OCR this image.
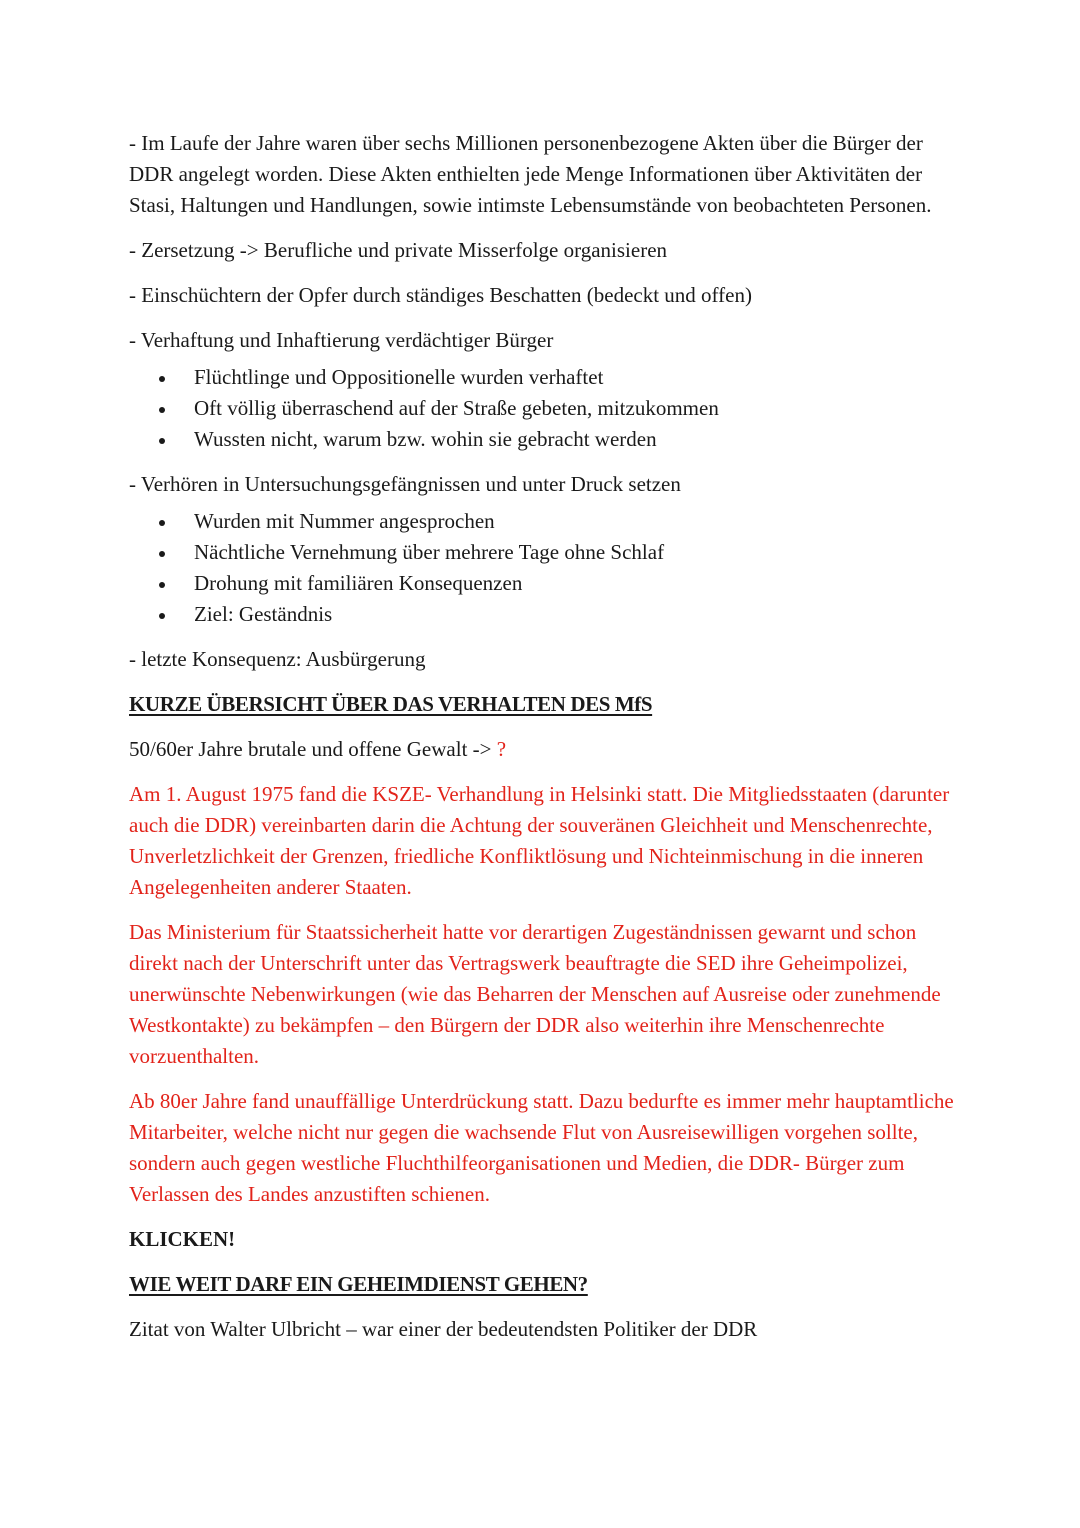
- Im Laufe der Jahre waren über sechs Millionen personenbezogene Akten über die Bürger der DDR angelegt worden. Diese Akten enthielten jede Menge Informationen über Aktivitäten der Stasi, Haltungen und Handlungen, sowie intimste Lebensumstände von beobachteten Personen.

- Zersetzung -> Berufliche und private Misserfolge organisieren

- Einschüchtern der Opfer durch ständiges Beschatten (bedeckt und offen)

- Verhaftung und Inhaftierung verdächtiger Bürger

Flüchtlinge und Oppositionelle wurden verhaftet
Oft völlig überraschend auf der Straße gebeten, mitzukommen
Wussten nicht, warum bzw. wohin sie gebracht werden

- Verhören in Untersuchungsgefängnissen und unter Druck setzen

Wurden mit Nummer angesprochen
Nächtliche Vernehmung über mehrere Tage ohne Schlaf
Drohung mit familiären Konsequenzen
Ziel: Geständnis

- letzte Konsequenz: Ausbürgerung

KURZE ÜBERSICHT ÜBER DAS VERHALTEN DES MfS

50/60er Jahre brutale und offene Gewalt -> ?

Am 1. August 1975 fand die KSZE- Verhandlung in Helsinki statt. Die Mitgliedsstaaten (darunter auch die DDR) vereinbarten darin die Achtung der souveränen Gleichheit und Menschenrechte, Unverletzlichkeit der Grenzen, friedliche Konfliktlösung und Nichteinmischung in die inneren Angelegenheiten anderer Staaten.

Das Ministerium für Staatssicherheit hatte vor derartigen Zugeständnissen gewarnt und schon direkt nach der Unterschrift unter das Vertragswerk beauftragte die SED ihre Geheimpolizei, unerwünschte Nebenwirkungen (wie das Beharren der Menschen auf Ausreise oder zunehmende Westkontakte) zu bekämpfen – den Bürgern der DDR also weiterhin ihre Menschenrechte vorzuenthalten.

Ab 80er Jahre fand unauffällige Unterdrückung statt. Dazu bedurfte es immer mehr hauptamtliche Mitarbeiter, welche nicht nur gegen die wachsende Flut von Ausreisewilligen vorgehen sollte, sondern auch gegen westliche Fluchthilfeorganisationen und Medien, die DDR- Bürger zum Verlassen des Landes anzustiften schienen.

KLICKEN!

WIE WEIT DARF EIN GEHEIMDIENST GEHEN?

Zitat von Walter Ulbricht – war einer der bedeutendsten Politiker der DDR
